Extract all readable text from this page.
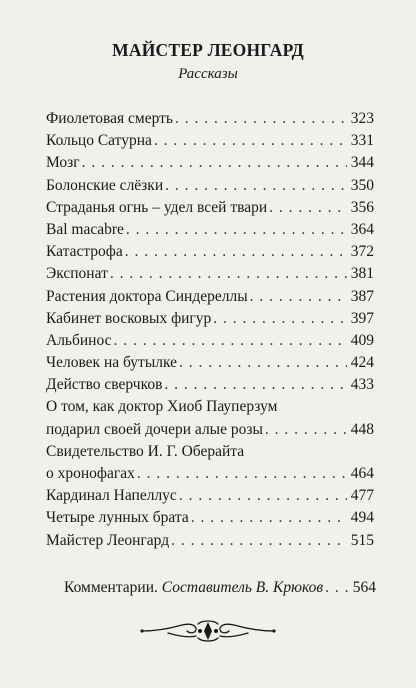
МАЙСТЕР ЛЕОНГАРД
Рассказы
Фиолетовая смерть . . .	323
Кольцо Сатурна . . .	331
Мозг . . .	344
Болонские слёзки . . .	350
Страданья огнь – удел всей твари . . .	356
Bal macabre . . .	364
Катастрофа . . .	372
Экспонат . . .	381
Растения доктора Синдереллы . . .	387
Кабинет восковых фигур . . .	397
Альбинос . . .	409
Человек на бутылке . . .	424
Действо сверчков . . .	433
О том, как доктор Хиоб Пауперзум
подарил своей дочери алые розы . . .	448
Свидетельство И. Г. Оберайта
о хронофагах . . .	464
Кардинал Напеллус . . .	477
Четыре лунных брата . . .	494
Майстер Леонгард . . .	515
Комментарии. Составитель В. Крюков . . . 564
